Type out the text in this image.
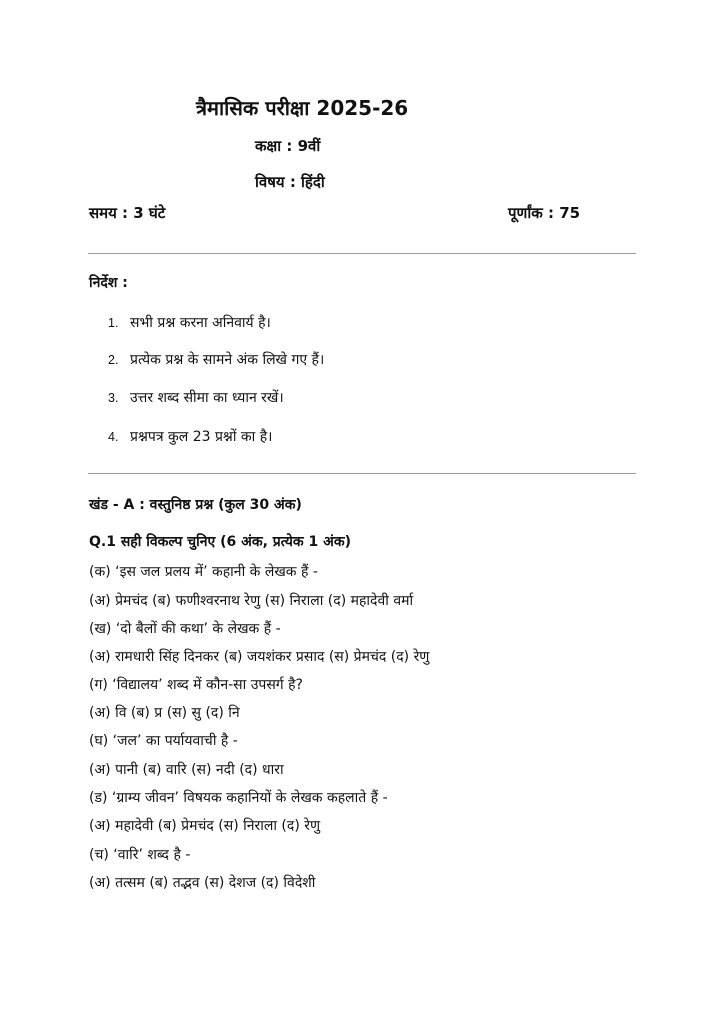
त्रैमासिक परीक्षा 2025-26
कक्षा : 9वीं
विषय : हिंदी
समय : 3 घंटे	पूर्णांक : 75
निर्देश :
1. सभी प्रश्न करना अनिवार्य है।
2. प्रत्येक प्रश्न के सामने अंक लिखे गए हैं।
3. उत्तर शब्द सीमा का ध्यान रखें।
4. प्रश्नपत्र कुल 23 प्रश्नों का है।
खंड - A : वस्तुनिष्ठ प्रश्न (कुल 30 अंक)
Q.1 सही विकल्प चुनिए (6 अंक, प्रत्येक 1 अंक)
(क) ‘इस जल प्रलय में’ कहानी के लेखक हैं -
(अ) प्रेमचंद (ब) फणीश्वरनाथ रेणु (स) निराला (द) महादेवी वर्मा
(ख) ‘दो बैलों की कथा’ के लेखक हैं -
(अ) रामधारी सिंह दिनकर (ब) जयशंकर प्रसाद (स) प्रेमचंद (द) रेणु
(ग) ‘विद्यालय’ शब्द में कौन-सा उपसर्ग है?
(अ) वि (ब) प्र (स) सु (द) नि
(घ) ‘जल’ का पर्यायवाची है -
(अ) पानी (ब) वारि (स) नदी (द) धारा
(ड) ‘ग्राम्य जीवन’ विषयक कहानियों के लेखक कहलाते हैं -
(अ) महादेवी (ब) प्रेमचंद (स) निराला (द) रेणु
(च) ‘वारि’ शब्द है -
(अ) तत्सम (ब) तद्भव (स) देशज (द) विदेशी
